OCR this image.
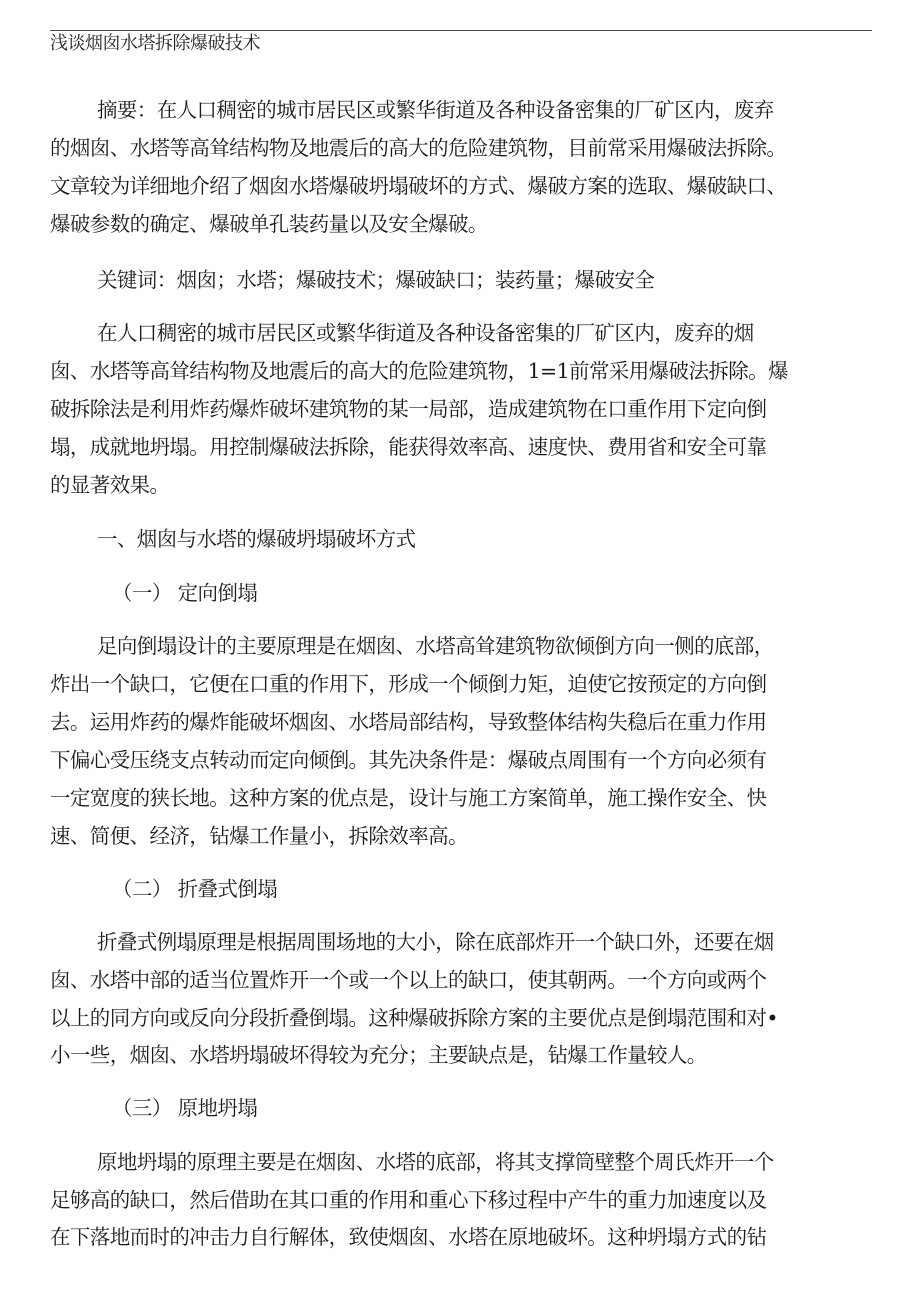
浅谈烟囱水塔拆除爆破技术
摘要：在人口稠密的城市居民区或繁华街道及各种设备密集的厂矿区内，废弃
的烟囱、水塔等高耸结构物及地震后的高大的危险建筑物，目前常采用爆破法拆除。
文章较为详细地介绍了烟囱水塔爆破坍塌破坏的方式、爆破方案的选取、爆破缺口、
爆破参数的确定、爆破单孔装药量以及安全爆破。
关键词：烟囱；水塔；爆破技术；爆破缺口；装药量；爆破安全
在人口稠密的城市居民区或繁华街道及各种设备密集的厂矿区内，废弃的烟
囱、水塔等高耸结构物及地震后的高大的危险建筑物，1=1前常采用爆破法拆除。爆
破拆除法是利用炸药爆炸破坏建筑物的某一局部，造成建筑物在口重作用下定向倒
塌，成就地坍塌。用控制爆破法拆除，能获得效率高、速度快、费用省和安全可靠
的显著效果。
一、烟囱与水塔的爆破坍塌破坏方式
（一） 定向倒塌
足向倒塌设计的主要原理是在烟囱、水塔高耸建筑物欲倾倒方向一侧的底部，
炸出一个缺口，它便在口重的作用下，形成一个倾倒力矩，迫使它按预定的方向倒
去。运用炸药的爆炸能破坏烟囱、水塔局部结构，导致整体结构失稳后在重力作用
下偏心受压绕支点转动而定向倾倒。其先决条件是：爆破点周围有一个方向必须有
一定宽度的狭长地。这种方案的优点是，设计与施工方案简单，施工操作安全、快
速、简便、经济，钻爆工作量小，拆除效率高。
（二） 折叠式倒塌
折叠式例塌原理是根据周围场地的大小，除在底部炸开一个缺口外，还要在烟
囱、水塔中部的适当位置炸开一个或一个以上的缺口，使其朝两。一个方向或两个
以上的同方向或反向分段折叠倒塌。这种爆破拆除方案的主要优点是倒塌范围和对•
小一些，烟囱、水塔坍塌破坏得较为充分；主要缺点是，钻爆工作量较人。
（三） 原地坍塌
原地坍塌的原理主要是在烟囱、水塔的底部，将其支撑筒壁整个周氏炸开一个
足够高的缺口，然后借助在其口重的作用和重心下移过程中产牛的重力加速度以及
在下落地而时的冲击力自行解体，致使烟囱、水塔在原地破坏。这种坍塌方式的钻
